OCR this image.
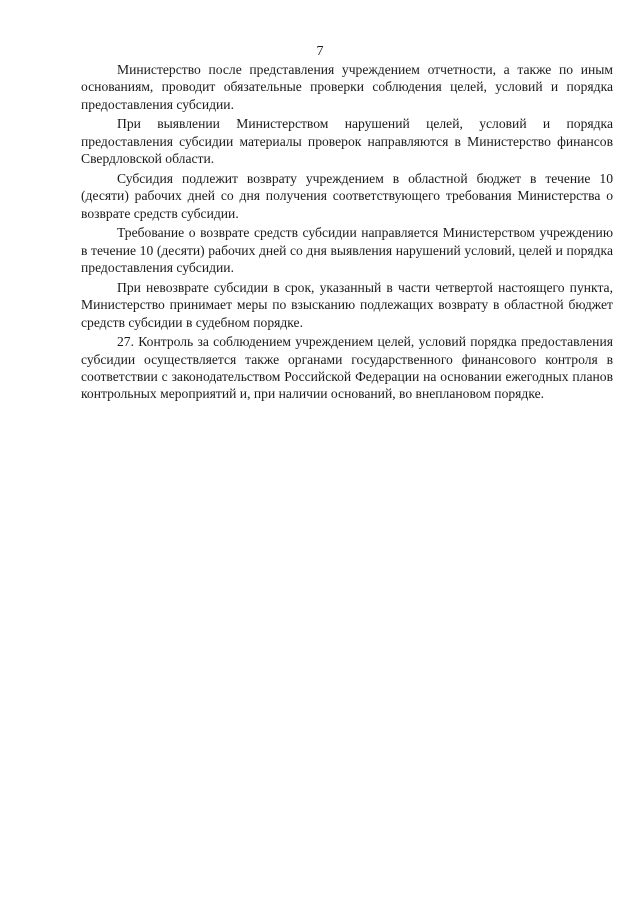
7

Министерство после представления учреждением отчетности, а также по иным основаниям, проводит обязательные проверки соблюдения целей, условий и порядка предоставления субсидии.

При выявлении Министерством нарушений целей, условий и порядка предоставления субсидии материалы проверок направляются в Министерство финансов Свердловской области.

Субсидия подлежит возврату учреждением в областной бюджет в течение 10 (десяти) рабочих дней со дня получения соответствующего требования Министерства о возврате средств субсидии.

Требование о возврате средств субсидии направляется Министерством учреждению в течение 10 (десяти) рабочих дней со дня выявления нарушений условий, целей и порядка предоставления субсидии.

При невозврате субсидии в срок, указанный в части четвертой настоящего пункта, Министерство принимает меры по взысканию подлежащих возврату в областной бюджет средств субсидии в судебном порядке.

27. Контроль за соблюдением учреждением целей, условий порядка предоставления субсидии осуществляется также органами государственного финансового контроля в соответствии с законодательством Российской Федерации на основании ежегодных планов контрольных мероприятий и, при наличии оснований, во внеплановом порядке.
